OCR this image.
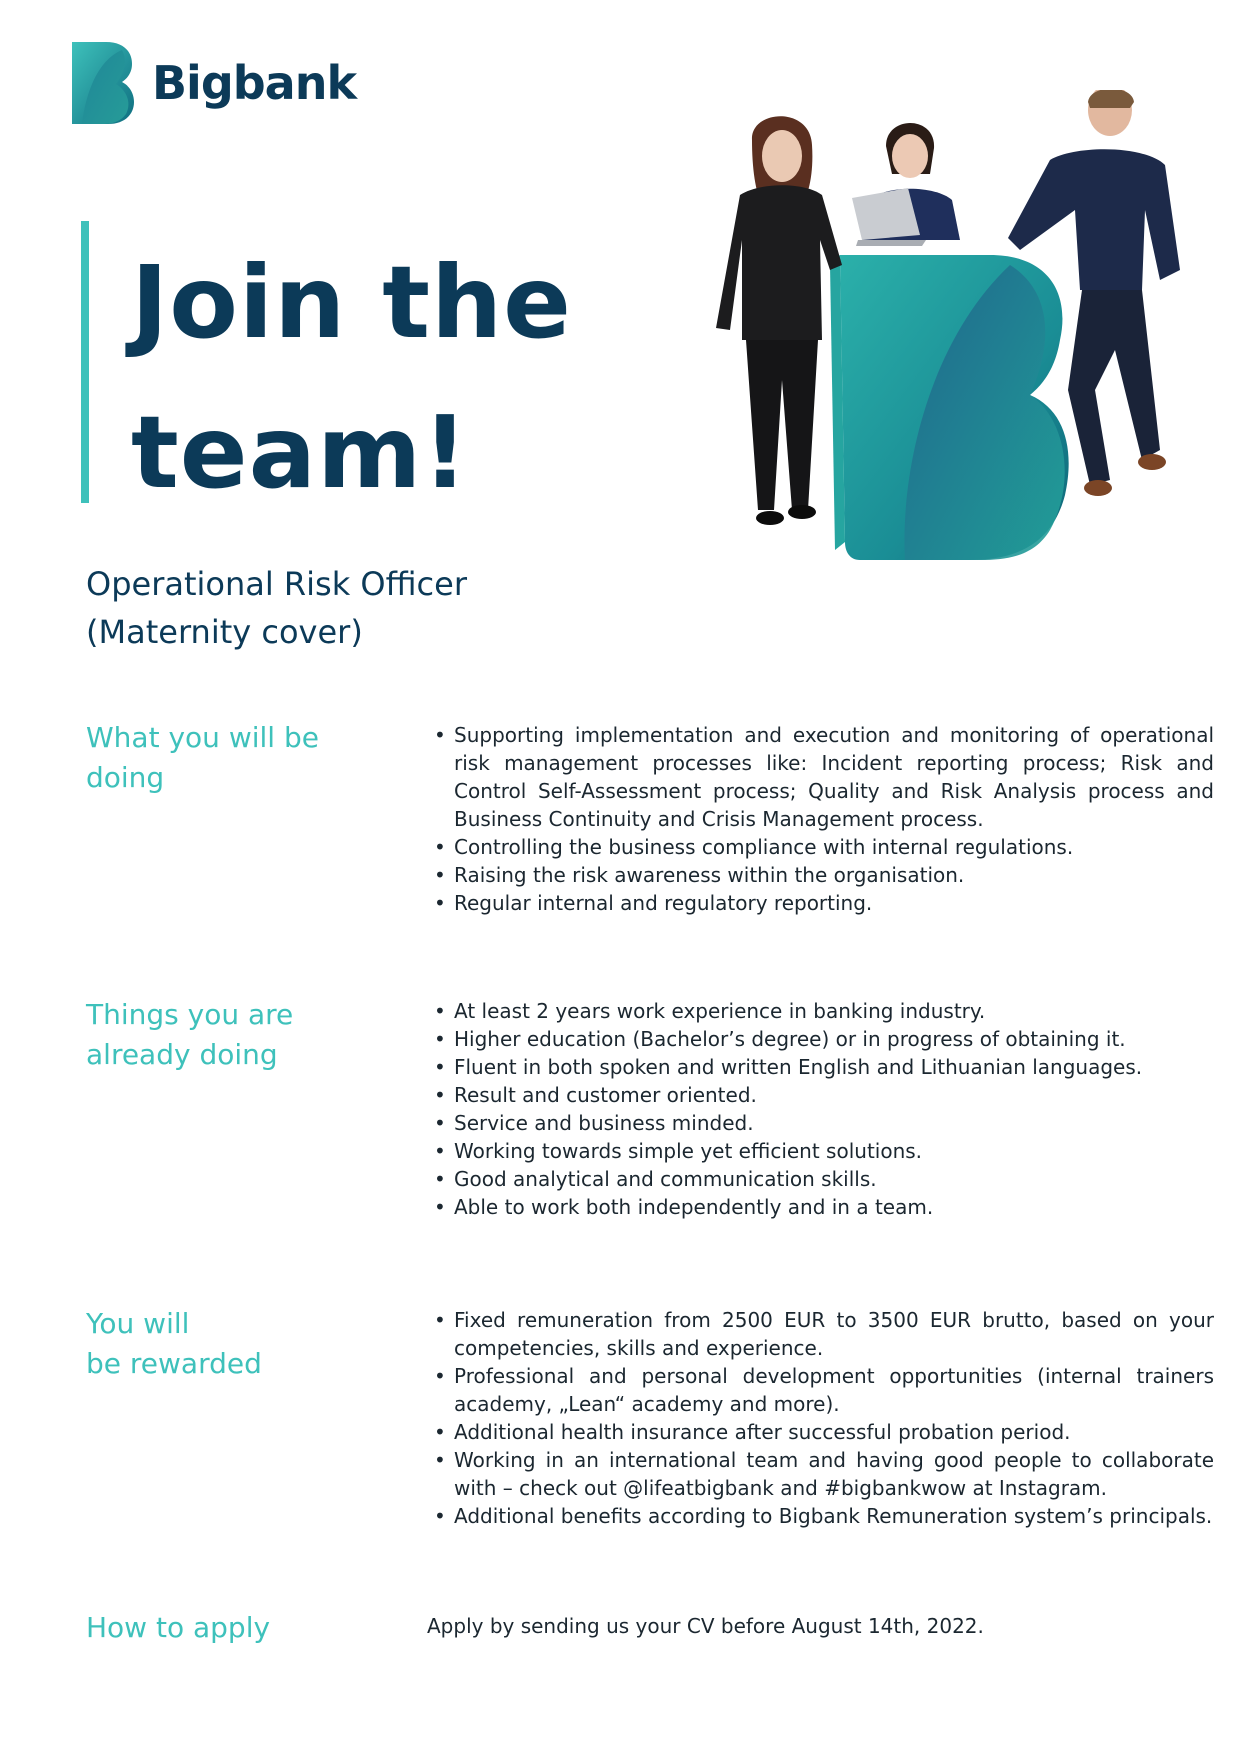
Bigbank
Join the
team!
Operational Risk Officer
(Maternity cover)
What you will be
doing
• Supporting implementation and execution and monitoring of operational risk management processes like: Incident reporting process; Risk and Control Self-Assessment process; Quality and Risk Analysis process and Business Continuity and Crisis Management process.
• Controlling the business compliance with internal regulations.
• Raising the risk awareness within the organisation.
• Regular internal and regulatory reporting.
Things you are
already doing
• At least 2 years work experience in banking industry.
• Higher education (Bachelor’s degree) or in progress of obtaining it.
• Fluent in both spoken and written English and Lithuanian languages.
• Result and customer oriented.
• Service and business minded.
• Working towards simple yet efficient solutions.
• Good analytical and communication skills.
• Able to work both independently and in a team.
You will
be rewarded
• Fixed remuneration from 2500 EUR to 3500 EUR brutto, based on your competencies, skills and experience.
• Professional and personal development opportunities (internal trainers academy, „Lean“ academy and more).
• Additional health insurance after successful probation period.
• Working in an international team and having good people to collaborate with – check out @lifeatbigbank and #bigbankwow at Instagram.
• Additional benefits according to Bigbank Remuneration system’s principals.
How to apply	Apply by sending us your CV before August 14th, 2022.
